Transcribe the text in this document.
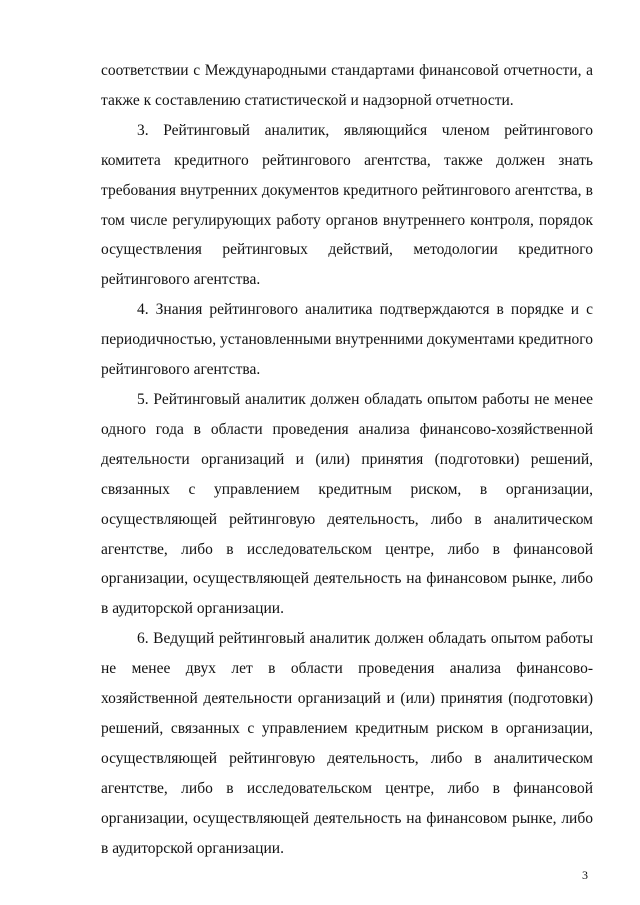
соответствии с Международными стандартами финансовой отчетности, а также к составлению статистической и надзорной отчетности.

3. Рейтинговый аналитик, являющийся членом рейтингового комитета кредитного рейтингового агентства, также должен знать требования внутренних документов кредитного рейтингового агентства, в том числе регулирующих работу органов внутреннего контроля, порядок осуществления рейтинговых действий, методологии кредитного рейтингового агентства.

4. Знания рейтингового аналитика подтверждаются в порядке и с периодичностью, установленными внутренними документами кредитного рейтингового агентства.

5. Рейтинговый аналитик должен обладать опытом работы не менее одного года в области проведения анализа финансово-хозяйственной деятельности организаций и (или) принятия (подготовки) решений, связанных с управлением кредитным риском, в организации, осуществляющей рейтинговую деятельность, либо в аналитическом агентстве, либо в исследовательском центре, либо в финансовой организации, осуществляющей деятельность на финансовом рынке, либо в аудиторской организации.

6. Ведущий рейтинговый аналитик должен обладать опытом работы не менее двух лет в области проведения анализа финансово-хозяйственной деятельности организаций и (или) принятия (подготовки) решений, связанных с управлением кредитным риском в организации, осуществляющей рейтинговую деятельность, либо в аналитическом агентстве, либо в исследовательском центре, либо в финансовой организации, осуществляющей деятельность на финансовом рынке, либо в аудиторской организации.

3
